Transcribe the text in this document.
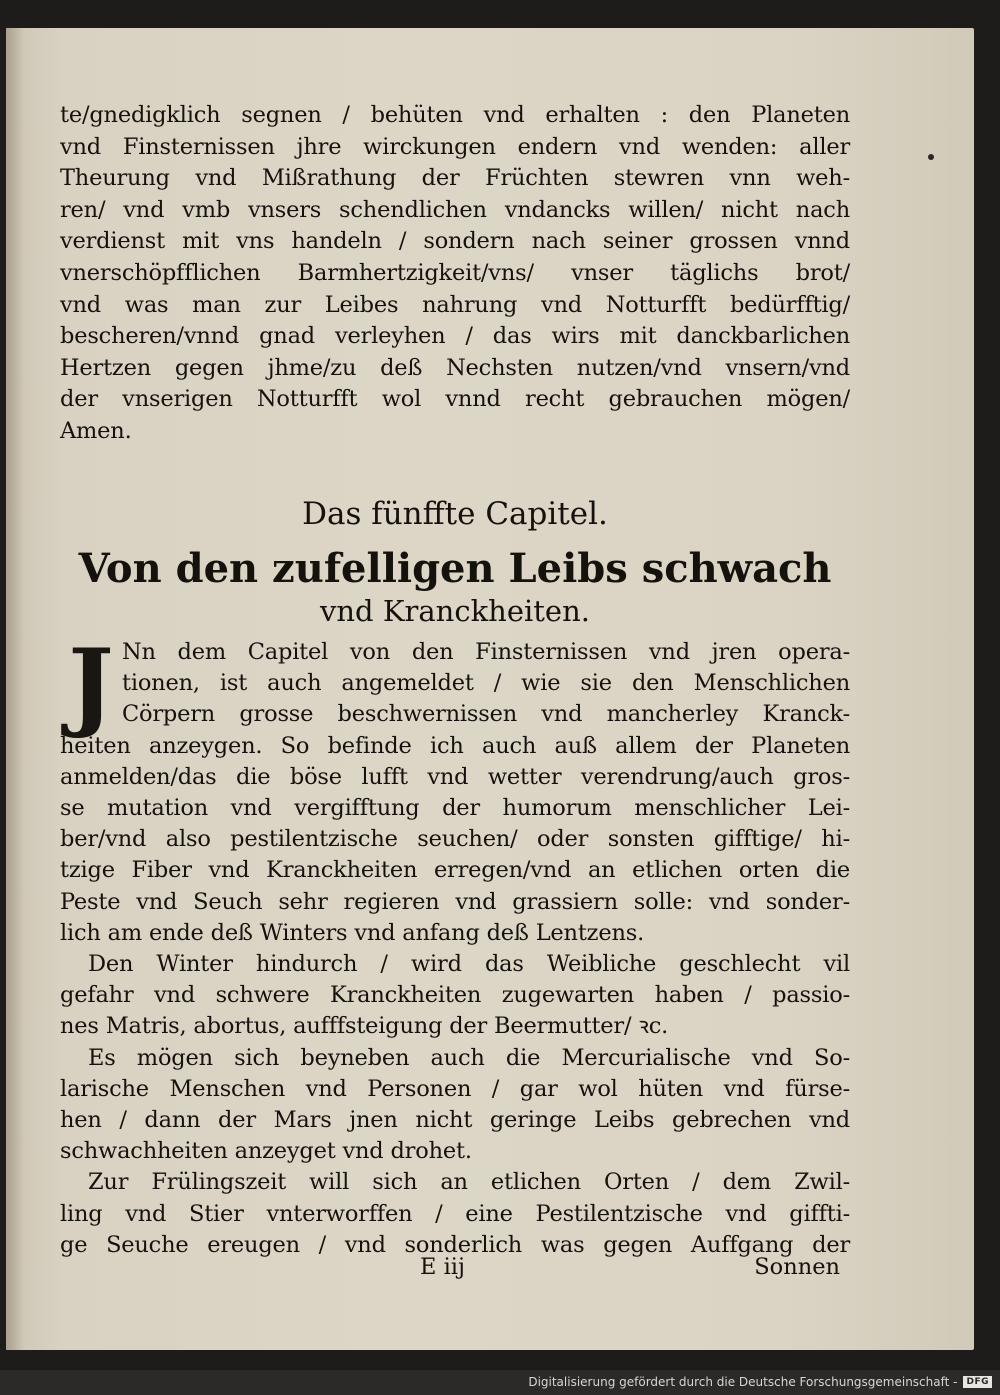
te/gnedigklich segnen / behüten vnd erhalten : den Planeten
vnd Finsternissen jhre wirckungen endern vnd wenden: aller
Theurung vnd Mißrathung der Früchten stewren vnn weh-
ren/ vnd vmb vnsers schendlichen vndancks willen/ nicht nach
verdienst mit vns handeln / sondern nach seiner grossen vnnd
vnerschöpfflichen Barmhertzigkeit/vns/ vnser täglichs brot/
vnd was man zur Leibes nahrung vnd Notturfft bedürfftig/
bescheren/vnnd gnad verleyhen / das wirs mit danckbarlichen
Hertzen gegen jhme/zu deß Nechsten nutzen/vnd vnsern/vnd
der vnserigen Notturfft wol vnnd recht gebrauchen mögen/
Amen.
Das fünffte Capitel.
Von den zufelligen Leibs schwach
vnd Kranckheiten.
J Nn dem Capitel von den Finsternissen vnd jren opera-
tionen, ist auch angemeldet / wie sie den Menschlichen
Cörpern grosse beschwernissen vnd mancherley Kranck-
heiten anzeygen. So befinde ich auch auß allem der Planeten
anmelden/das die böse lufft vnd wetter verendrung/auch gros-
se mutation vnd vergifftung der humorum menschlicher Lei-
ber/vnd also pestilentzische seuchen/ oder sonsten gifftige/ hi-
tzige Fiber vnd Kranckheiten erregen/vnd an etlichen orten die
Peste vnd Seuch sehr regieren vnd grassiern solle: vnd sonder-
lich am ende deß Winters vnd anfang deß Lentzens.
Den Winter hindurch / wird das Weibliche geschlecht vil
gefahr vnd schwere Kranckheiten zugewarten haben / passio-
nes Matris, abortus, aufffsteigung der Beermutter/ ꝛc.
Es mögen sich beyneben auch die Mercurialische vnd So-
larische Menschen vnd Personen / gar wol hüten vnd fürse-
hen / dann der Mars jnen nicht geringe Leibs gebrechen vnd
schwachheiten anzeyget vnd drohet.
Zur Frülingszeit will sich an etlichen Orten / dem Zwil-
ling vnd Stier vnterworffen / eine Pestilentzische vnd giffti-
ge Seuche ereugen / vnd sonderlich was gegen Auffgang der
E iij	Sonnen
Digitalisierung gefördert durch die Deutsche Forschungsgemeinschaft -	DFG
